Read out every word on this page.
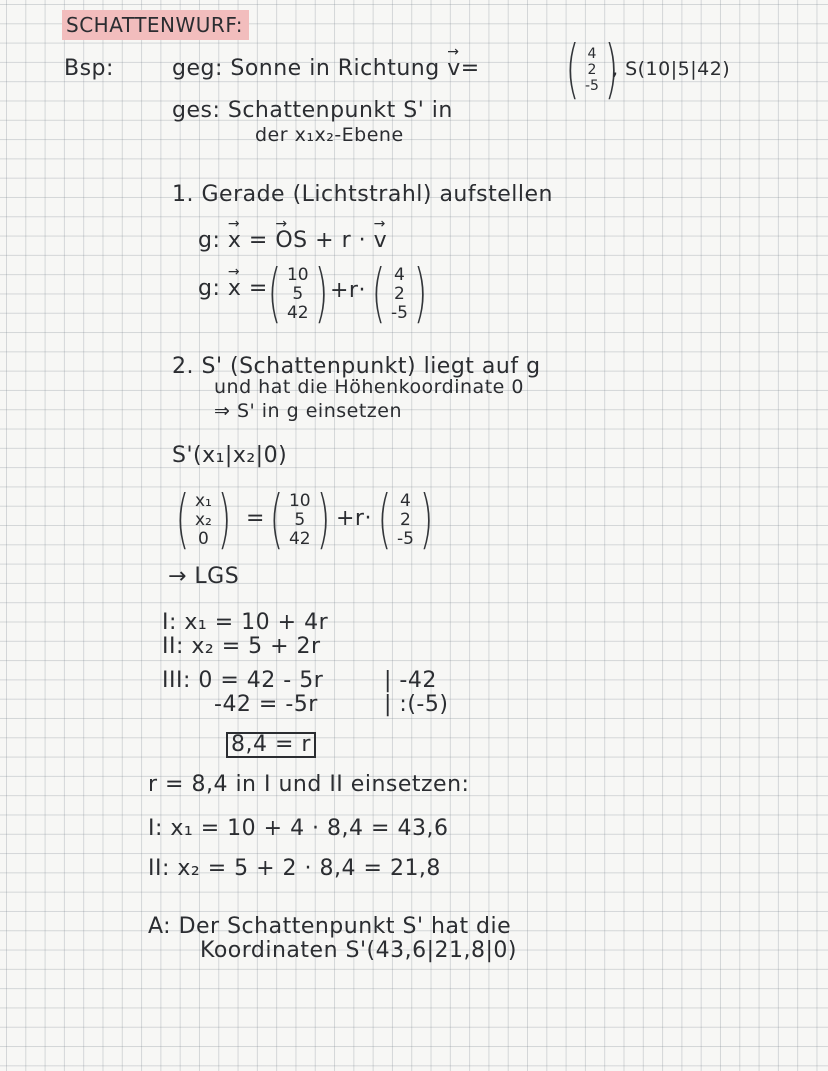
SCHATTENWURF:
Bsp:	geg: Sonne in Richtung → v= ( 4
2
-5 )
, S(10|5|42)
ges: Schattenpunkt S' in
der x₁x₂-Ebene
1. Gerade (Lichtstrahl) aufstellen
g: → x = → OS + r · → v
g: → x = ( 10
5
42 ) +r· ( 4
2
-5 )
2. S' (Schattenpunkt) liegt auf g
und hat die Höhenkoordinate 0
⇒ S' in g einsetzen
S'(x₁|x₂|0)
( x₁
x₂
0 ) = ( 10
5
42 ) +r· ( 4
2
-5 )
→ LGS
I: x₁ = 10 + 4r
II: x₂ = 5 + 2r
III: 0 = 42 - 5r	| -42
-42 = -5r	| :(-5)
8,4 = r
r = 8,4 in I und II einsetzen:
I: x₁ = 10 + 4 · 8,4 = 43,6
II: x₂ = 5 + 2 · 8,4 = 21,8
A: Der Schattenpunkt S' hat die
Koordinaten S'(43,6|21,8|0)
